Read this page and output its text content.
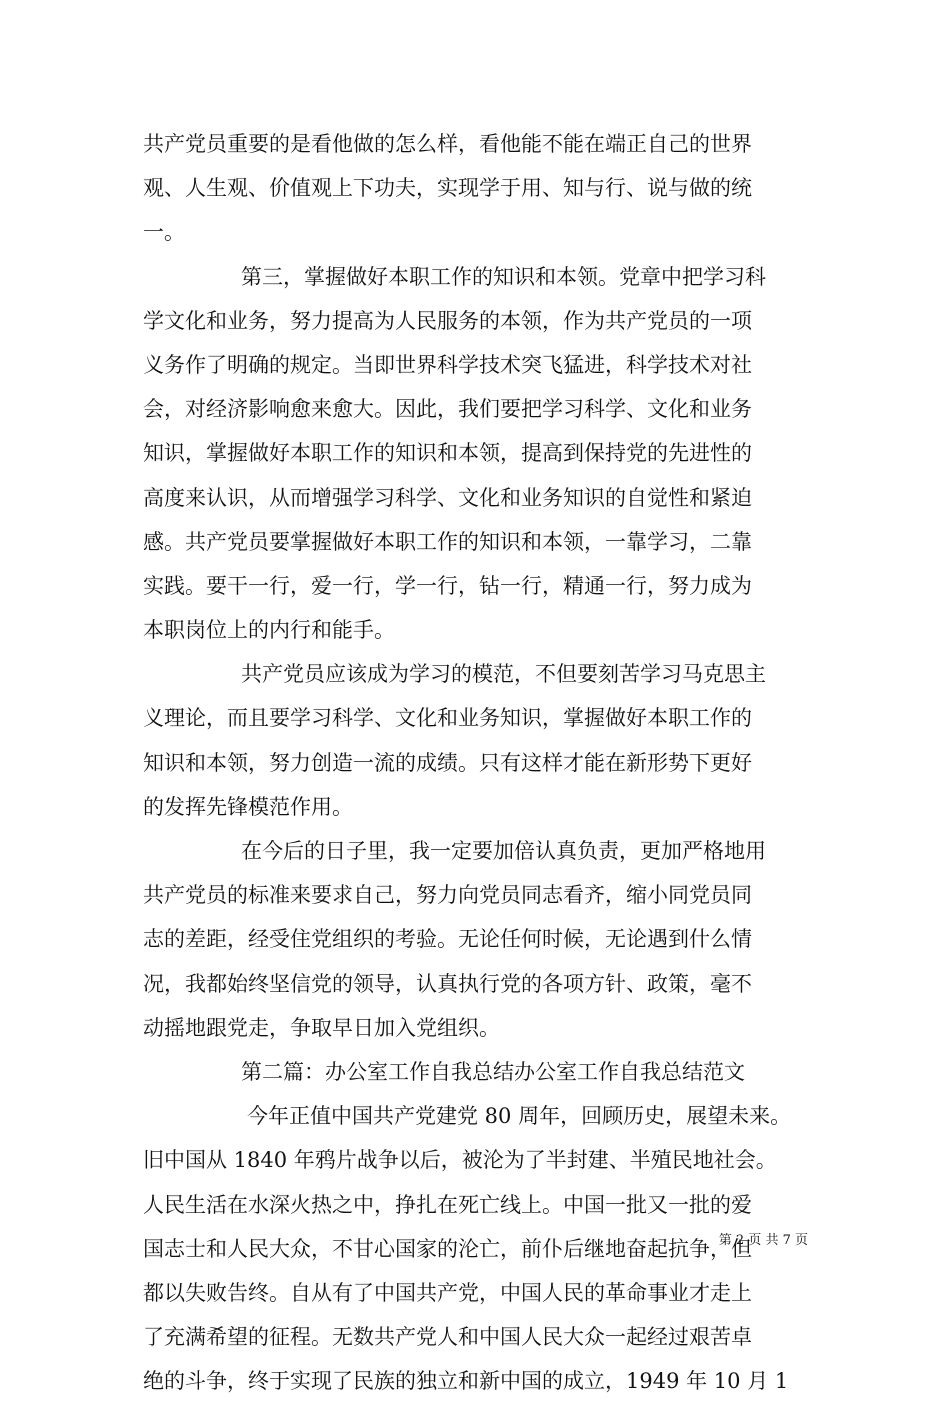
共产党员重要的是看他做的怎么样，看他能不能在端正自己的世界
观、人生观、价值观上下功夫，实现学于用、知与行、说与做的统
一。
第三，掌握做好本职工作的知识和本领。党章中把学习科
学文化和业务，努力提高为人民服务的本领，作为共产党员的一项
义务作了明确的规定。当即世界科学技术突飞猛进，科学技术对社
会，对经济影响愈来愈大。因此，我们要把学习科学、文化和业务
知识，掌握做好本职工作的知识和本领，提高到保持党的先进性的
高度来认识，从而增强学习科学、文化和业务知识的自觉性和紧迫
感。共产党员要掌握做好本职工作的知识和本领，一靠学习，二靠
实践。要干一行，爱一行，学一行，钻一行，精通一行，努力成为
本职岗位上的内行和能手。
共产党员应该成为学习的模范，不但要刻苦学习马克思主
义理论，而且要学习科学、文化和业务知识，掌握做好本职工作的
知识和本领，努力创造一流的成绩。只有这样才能在新形势下更好
的发挥先锋模范作用。
在今后的日子里，我一定要加倍认真负责，更加严格地用
共产党员的标准来要求自己，努力向党员同志看齐，缩小同党员同
志的差距，经受住党组织的考验。无论任何时候，无论遇到什么情
况，我都始终坚信党的领导，认真执行党的各项方针、政策，毫不
动摇地跟党走，争取早日加入党组织。
第二篇：办公室工作自我总结办公室工作自我总结范文
今年正值中国共产党建党 80 周年，回顾历史，展望未来。
旧中国从 1840 年鸦片战争以后，被沦为了半封建、半殖民地社会。
人民生活在水深火热之中，挣扎在死亡线上。中国一批又一批的爱
国志士和人民大众，不甘心国家的沦亡，前仆后继地奋起抗争，但
都以失败告终。自从有了中国共产党，中国人民的革命事业才走上
了充满希望的征程。无数共产党人和中国人民大众一起经过艰苦卓
绝的斗争，终于实现了民族的独立和新中国的成立，1949 年 10 月 1
第 2 页 共 7 页
